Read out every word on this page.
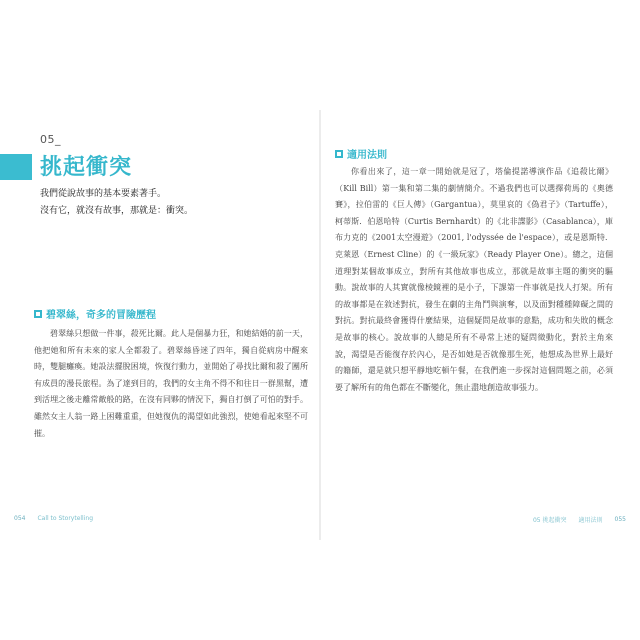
05_
挑起衝突

我們從說故事的基本要素著手。

沒有它，就沒有故事，那就是：衝突。

碧翠絲，奇多的冒險歷程
碧翠絲只想做一件事，殺死比爾。此人是個暴力狂，和她結婚的前一天，他把她和所有未來的家人全都殺了。碧翠絲昏迷了四年，獨自從病房中醒來時，雙腿癱瘓。她設法擺脫困境，恢復行動力，並開始了尋找比爾和殺了團所有成員的漫長旅程。為了達到目的，我們的女主角不得不和往日一群黑幫，遭到活埋之後走離常敵般的路，在沒有同夥的情況下，獨自打倒了可怕的對手。雖然女主人翁一路上困難重重，但她復仇的渴望如此強烈，使她看起來堅不可摧。
054 Call to Storytelling
適用法則
你看出來了，這一章一開始就是冠了，塔倫提諾導演作品《追殺比爾》（Kill Bill）第一集和第二集的劇情簡介。不過我們也可以選擇荷馬的《奧德賽》，拉伯雷的《巨人傳》（Gargantua），莫里哀的《偽君子》（Tartuffe），柯蒂斯．伯恩哈特（Curtis Bernhardt）的《北非諜影》（Casablanca），庫布力克的《2001太空漫遊》（2001, l'odyssée de l'espace），或是恩斯特．克萊恩（Ernest Cline）的《一級玩家》（Ready Player One）。總之，這個道理對某個故事成立，對所有其他故事也成立，那就是故事主題的衝突的驅動。說故事的人其實就像棱鏡裡的是小子，下課第一件事就是找人打架。所有的故事都是在敘述對抗，發生在劇的主角鬥與演奪，以及面對種種障礙之間的對抗。對抗最終會獲得什麼結果，這個疑問是故事的意點，成功和失敗的概念是故事的核心。說故事的人總是所有不尋常上述的疑問徵動化，對於主角來說，渴望是否能復存於內心，是否如她是否就像那生死，他想成為世界上最好的籍師，還是就只想平靜地吃頓午餐，在我們進一步探討這個問題之前，必須要了解所有的角色都在不斷變化，無止盡地創造故事張力。
05 挑起衝突 適用法則 055
